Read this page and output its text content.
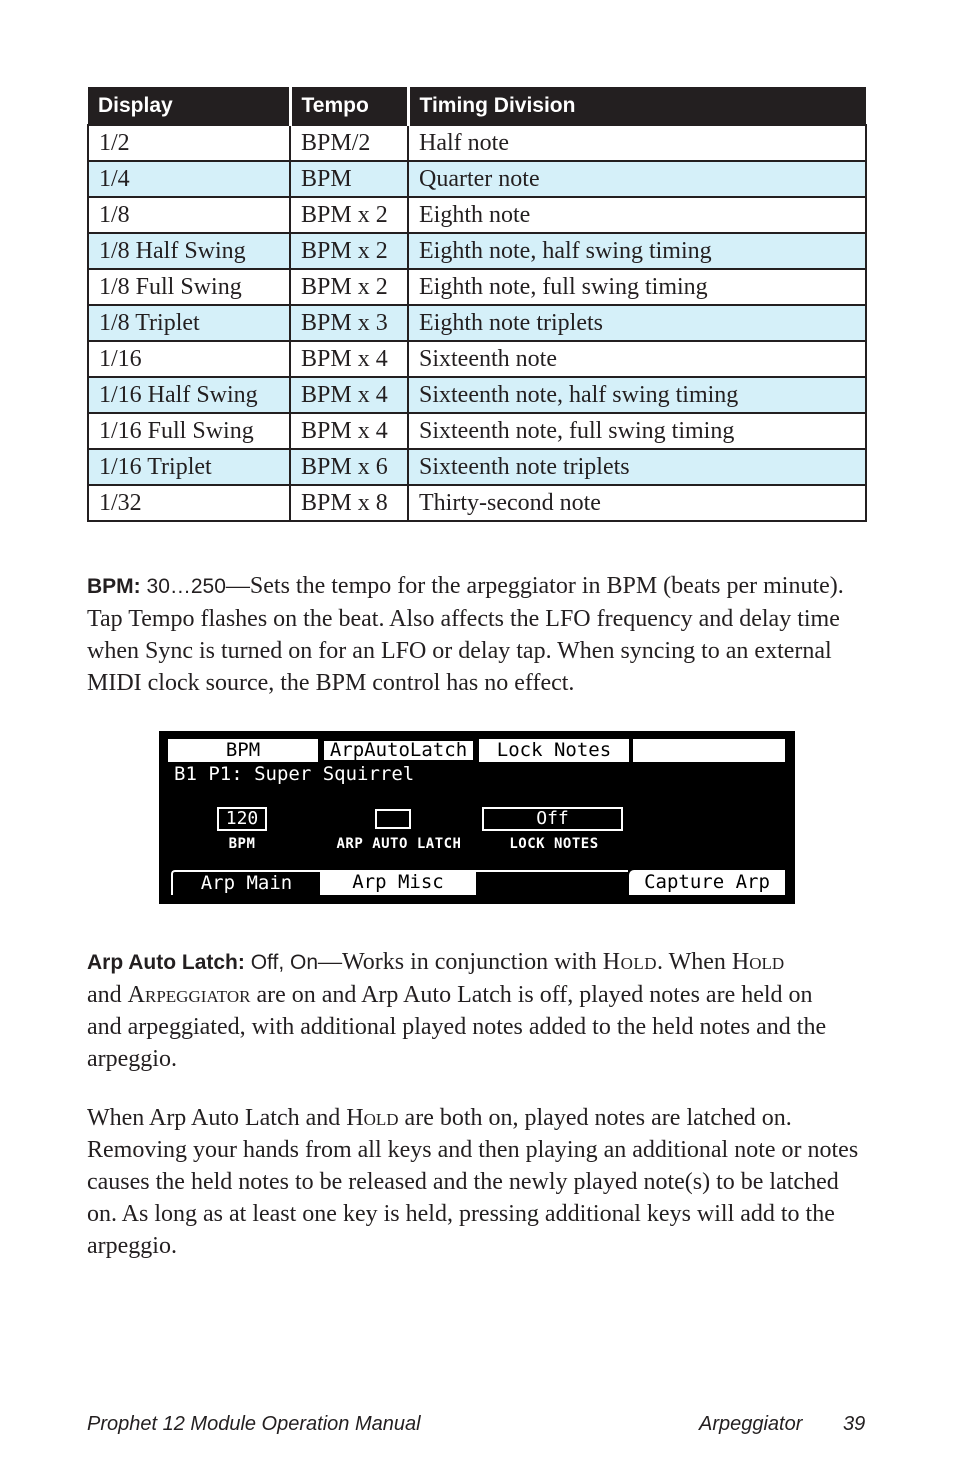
Display	Tempo	Timing Division
1/2	BPM/2	Half note
1/4	BPM	Quarter note
1/8	BPM x 2	Eighth note
1/8 Half Swing	BPM x 2	Eighth note, half swing timing
1/8 Full Swing	BPM x 2	Eighth note, full swing timing
1/8 Triplet	BPM x 3	Eighth note triplets
1/16	BPM x 4	Sixteenth note
1/16 Half Swing	BPM x 4	Sixteenth note, half swing timing
1/16 Full Swing	BPM x 4	Sixteenth note, full swing timing
1/16 Triplet	BPM x 6	Sixteenth note triplets
1/32	BPM x 8	Thirty-second note

BPM: 30…250—Sets the tempo for the arpeggiator in BPM (beats per minute). Tap Tempo flashes on the beat. Also affects the LFO frequency and delay time when Sync is turned on for an LFO or delay tap. When syncing to an external MIDI clock source, the BPM control has no effect.

BPM	ArpAutoLatch	Lock Notes
B1 P1: Super Squirrel
120
BPM	ARP AUTO LATCH
Off
LOCK NOTES
Arp Main	Arp Misc	Capture Arp

Arp Auto Latch: Off, On—Works in conjunction with Hold. When Hold
and Arpeggiator are on and Arp Auto Latch is off, played notes are held on and arpeggiated, with additional played notes added to the held notes and the arpeggio.

When Arp Auto Latch and Hold are both on, played notes are latched on. Removing your hands from all keys and then playing an additional note or notes causes the held notes to be released and the newly played note(s) to be latched on. As long as at least one key is held, pressing additional keys will add to the arpeggio.

Prophet 12 Module Operation Manual	Arpeggiator 39
